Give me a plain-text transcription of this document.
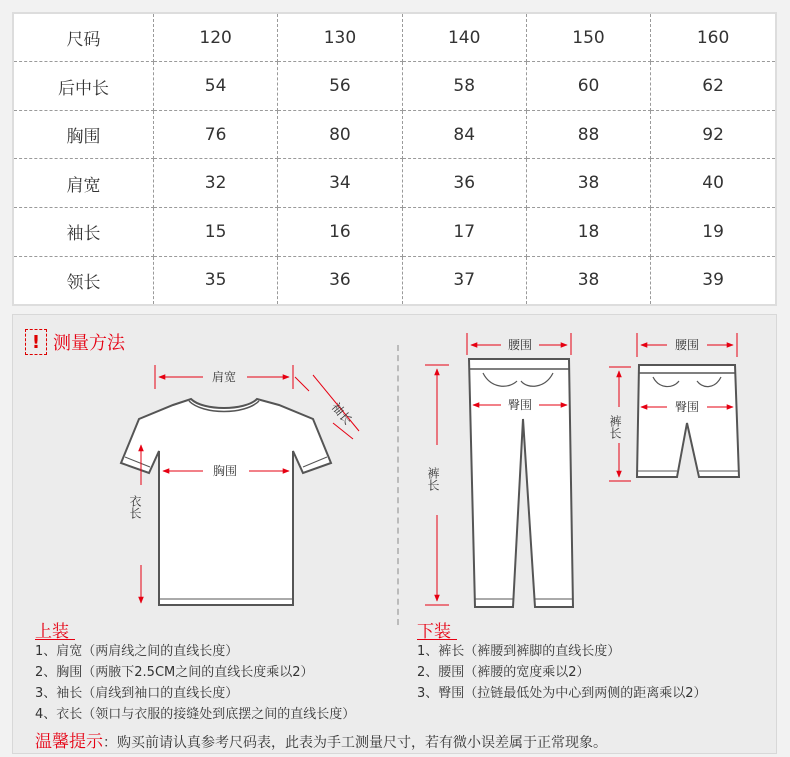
尺码	120	130	140	150	160
后中长	54	56	58	60	62
胸围	76	80	84	88	92
肩宽	32	34	36	38	40
袖长	15	16	17	18	19
领长	35	36	37	38	39
! 测量方法
肩宽
胸围
袖长
衣长
腰围
臀围
裤长
腰围
臀围
裤长
上装
1、肩宽（两肩线之间的直线长度）
2、胸围（两腋下2.5CM之间的直线长度乘以2）
3、袖长（肩线到袖口的直线长度）
4、衣长（领口与衣服的接缝处到底摆之间的直线长度）
下装
1、裤长（裤腰到裤脚的直线长度）
2、腰围（裤腰的宽度乘以2）
3、臀围（拉链最低处为中心到两侧的距离乘以2）
温馨提示：购买前请认真参考尺码表，此表为手工测量尺寸，若有微小误差属于正常现象。
